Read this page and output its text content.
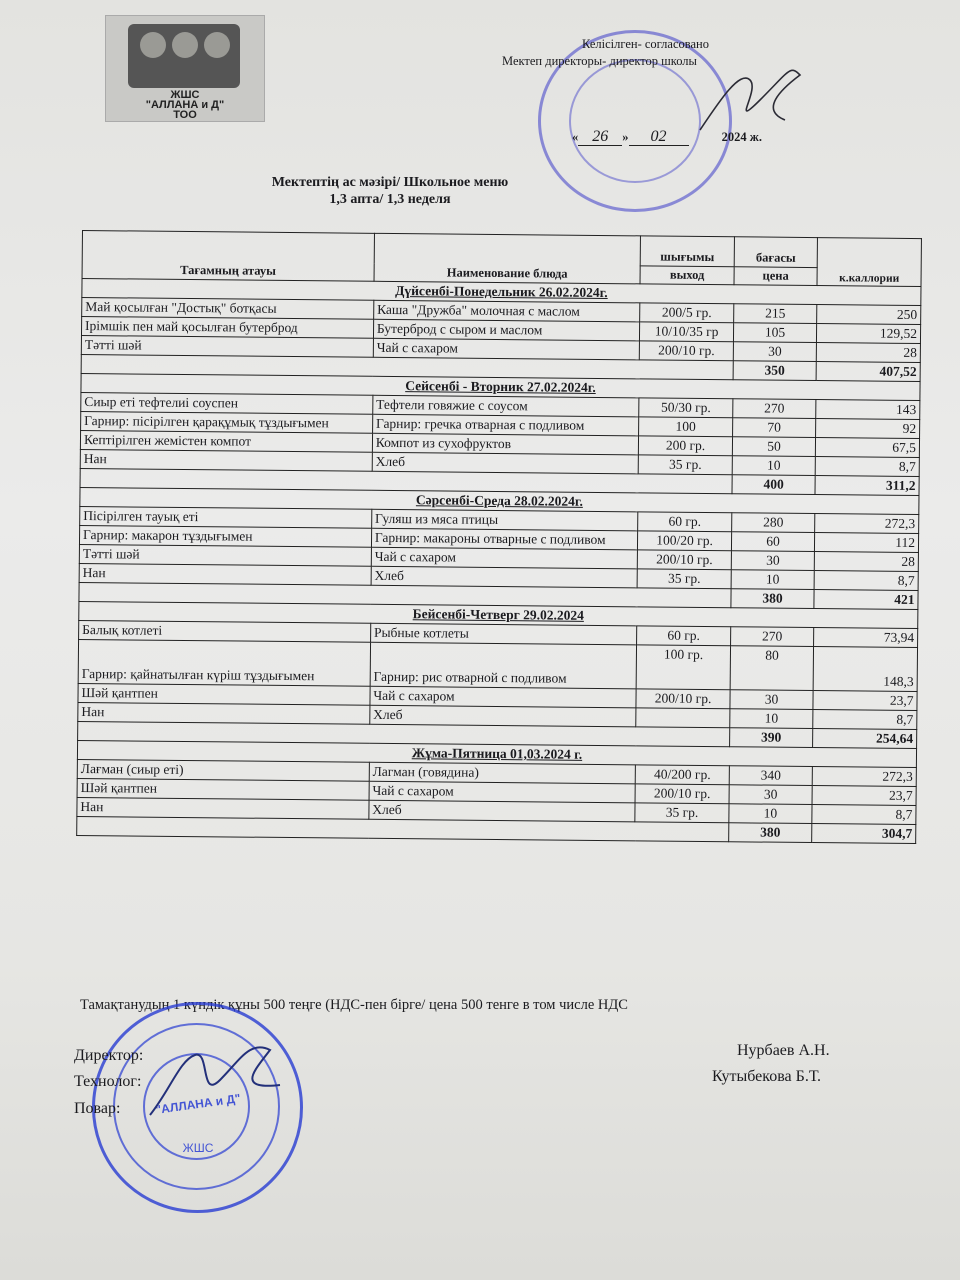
ЖШС
"АЛЛАНА и Д"
ТОО
Келісілген- согласовано
Мектеп директоры- директор школы
« 26 » 02	2024 ж.
Мектептің ас мәзірі/ Школьное меню
1,3 апта/ 1,3 неделя
Тағамның атауы	Наименование блюда	шығымы	бағасы	к.каллории
		выход	цена	
Дүйсенбі-Понедельник 26.02.2024г.				
Май қосылған "Достық" ботқасы	Каша "Дружба" молочная с маслом	200/5 гр.	215	250
Ірімшік пен май қосылған бутерброд	Бутерброд с сыром и маслом	10/10/35 гр	105	129,52
Тәтті шәй	Чай с сахаром	200/10 гр.	30	28
			350	407,52
Сейсенбі - Вторник 27.02.2024г.				
Сиыр еті тефтелиі соуспен	Тефтели говяжие с соусом	50/30 гр.	270	143
Гарнир: пісірілген қарақұмық тұздығымен	Гарнир: гречка отварная с подливом	100	70	92
Кептірілген жемістен компот	Компот из сухофруктов	200 гр.	50	67,5
Нан	Хлеб	35 гр.	10	8,7
			400	311,2
Сәрсенбі-Среда 28.02.2024г.				
Пісірілген тауық еті	Гуляш из мяса птицы	60 гр.	280	272,3
Гарнир: макарон тұздығымен	Гарнир: макароны отварные с подливом	100/20 гр.	60	112
Тәтті шәй	Чай с сахаром	200/10 гр.	30	28
Нан	Хлеб	35 гр.	10	8,7
			380	421
Бейсенбі-Четверг 29.02.2024				
Балық котлеті	Рыбные котлеты	60 гр.	270	73,94
Гарнир: қайнатылған күріш тұздығымен	Гарнир: рис отварной с подливом	100 гр.	80	148,3
Шәй қантпен	Чай с сахаром	200/10 гр.	30	23,7
Нан	Хлеб		10	8,7
			390	254,64
Жұма-Пятница 01,03.2024 г.				
Лағман (сиыр еті)	Лагман (говядина)	40/200 гр.	340	272,3
Шәй қантпен	Чай с сахаром	200/10 гр.	30	23,7
Нан	Хлеб	35 гр.	10	8,7
			380	304,7
Тамақтанудың 1 күндік құны 500 теңге (НДС-пен бірге/ цена 500 тенге в том числе НДС
"АЛЛАНА и Д"
ЖШС
Директор:
Технолог:
Повар:
Нурбаев А.Н.
Кутыбекова Б.Т.
